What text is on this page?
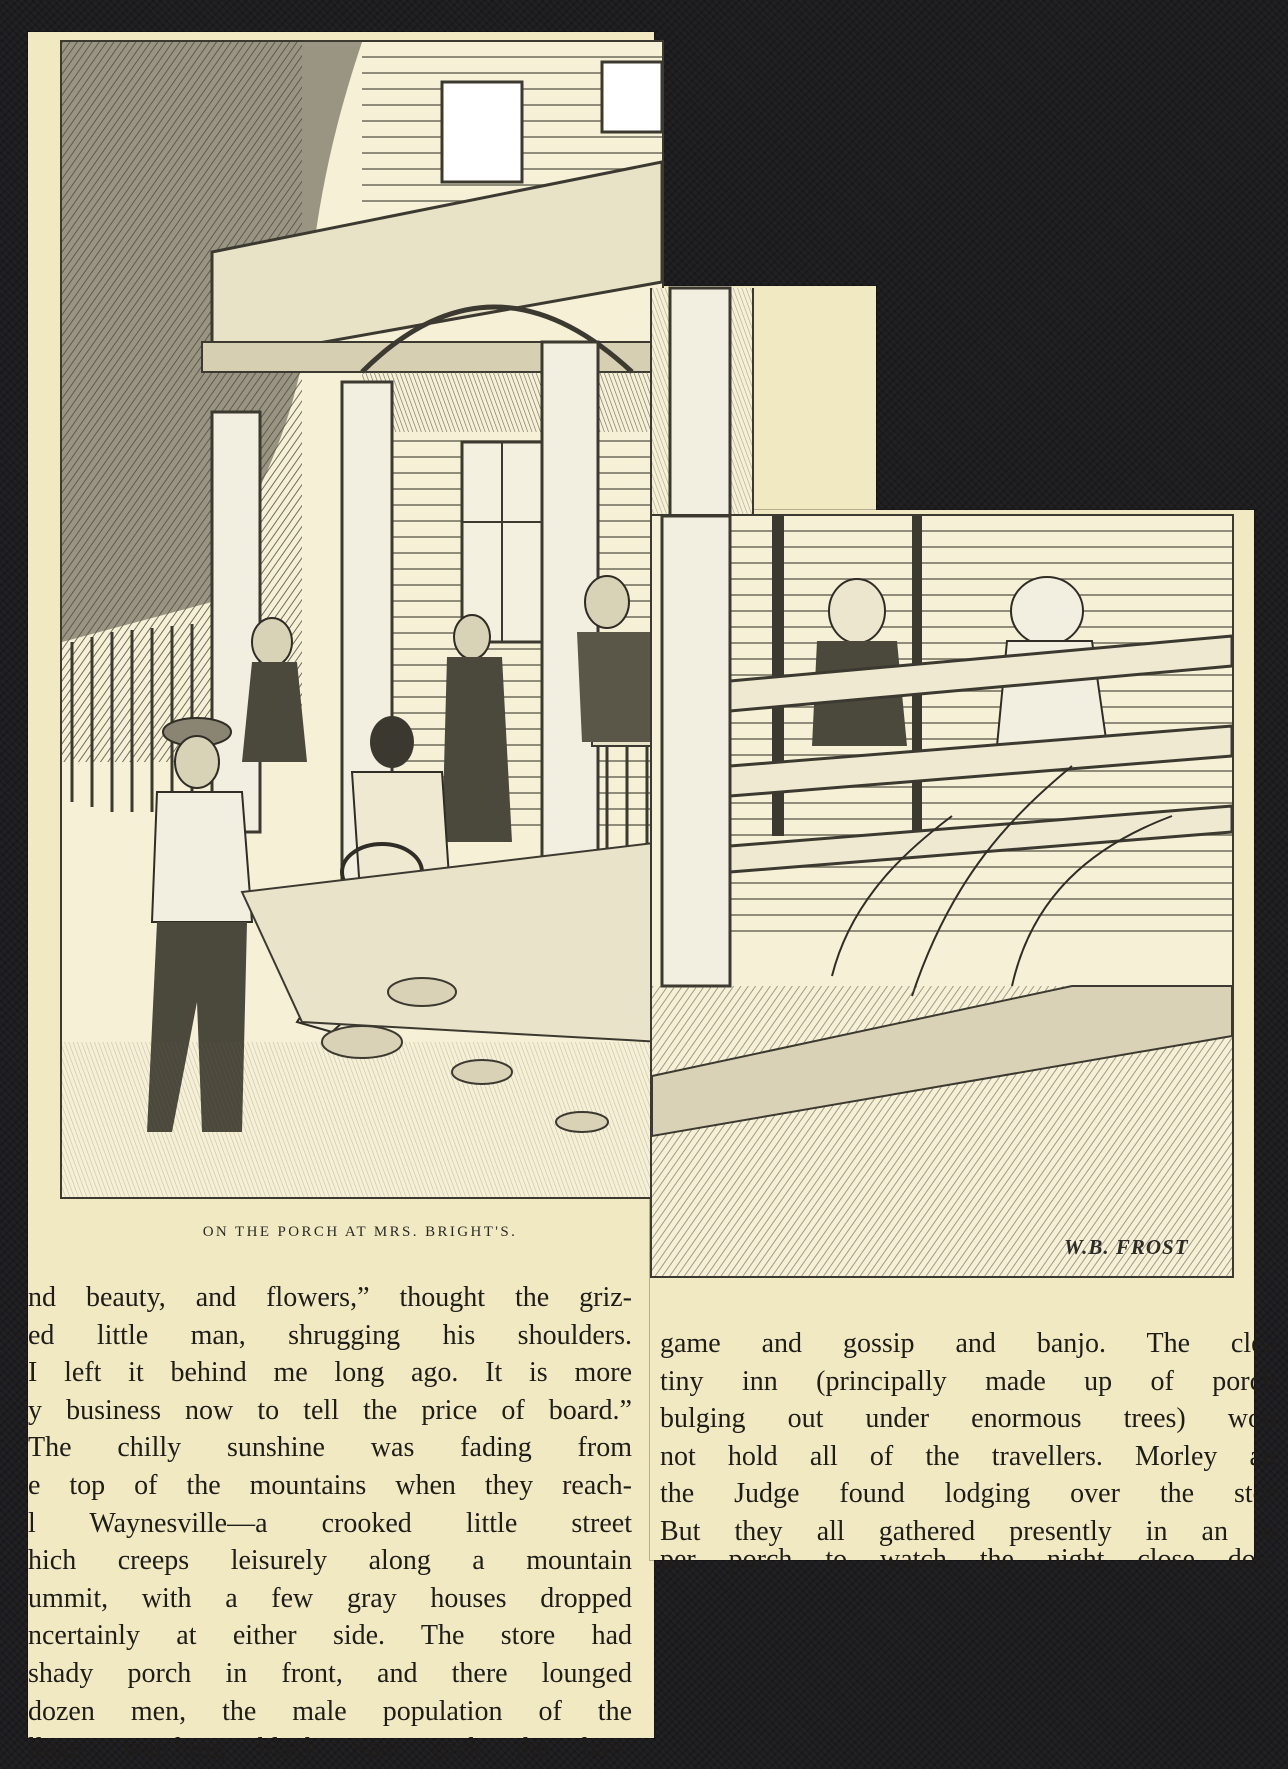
ON THE PORCH AT MRS. BRIGHT'S.
W.B. FROST
nd beauty, and flowers,” thought the griz-
ed little man, shrugging his shoulders.
I left it behind me long ago. It is more
y business now to tell the price of board.”
The chilly sunshine was fading from
e top of the mountains when they reach-
l Waynesville—a crooked little street
hich creeps leisurely along a mountain
ummit, with a few gray houses dropped
ncertainly at either side. The store had
shady porch in front, and there lounged
dozen men, the male population of the
llage, watching black Sam pick the ban-
game and gossip and banjo. The clea
tiny inn (principally made up of porch
bulging out under enormous trees) wou
not hold all of the travellers. Morley an
the Judge found lodging over the stor
But they all gathered presently in an u
per porch to watch the night close dow
